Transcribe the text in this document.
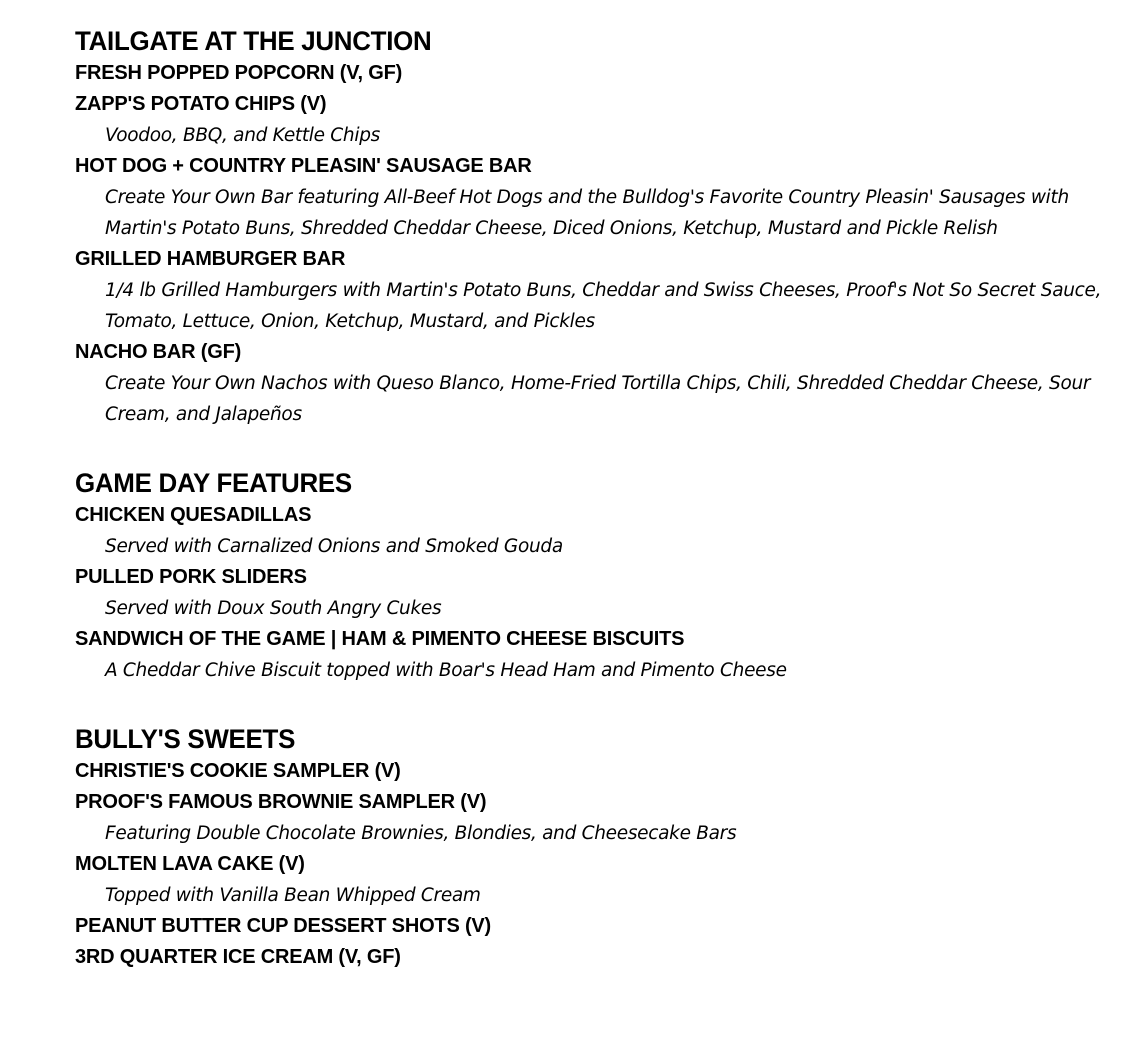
TAILGATE AT THE JUNCTION
FRESH POPPED POPCORN (V, GF)
ZAPP'S POTATO CHIPS (V)
Voodoo, BBQ, and Kettle Chips
HOT DOG + COUNTRY PLEASIN' SAUSAGE BAR
Create Your Own Bar featuring All-Beef Hot Dogs and the Bulldog's Favorite Country Pleasin' Sausages with Martin's Potato Buns, Shredded Cheddar Cheese, Diced Onions, Ketchup, Mustard and Pickle Relish
GRILLED HAMBURGER BAR
1/4 lb Grilled Hamburgers with Martin's Potato Buns, Cheddar and Swiss Cheeses, Proof's Not So Secret Sauce, Tomato, Lettuce, Onion, Ketchup, Mustard, and Pickles
NACHO BAR (GF)
Create Your Own Nachos with Queso Blanco, Home-Fried Tortilla Chips, Chili, Shredded Cheddar Cheese, Sour Cream, and Jalapeños
GAME DAY FEATURES
CHICKEN QUESADILLAS
Served with Carnalized Onions and Smoked Gouda
PULLED PORK SLIDERS
Served with Doux South Angry Cukes
SANDWICH OF THE GAME | HAM & PIMENTO CHEESE BISCUITS
A Cheddar Chive Biscuit topped with Boar's Head Ham and Pimento Cheese
BULLY'S SWEETS
CHRISTIE'S COOKIE SAMPLER (V)
PROOF'S FAMOUS BROWNIE SAMPLER (V)
Featuring Double Chocolate Brownies, Blondies, and Cheesecake Bars
MOLTEN LAVA CAKE (V)
Topped with Vanilla Bean Whipped Cream
PEANUT BUTTER CUP DESSERT SHOTS (V)
3RD QUARTER ICE CREAM (V, GF)
